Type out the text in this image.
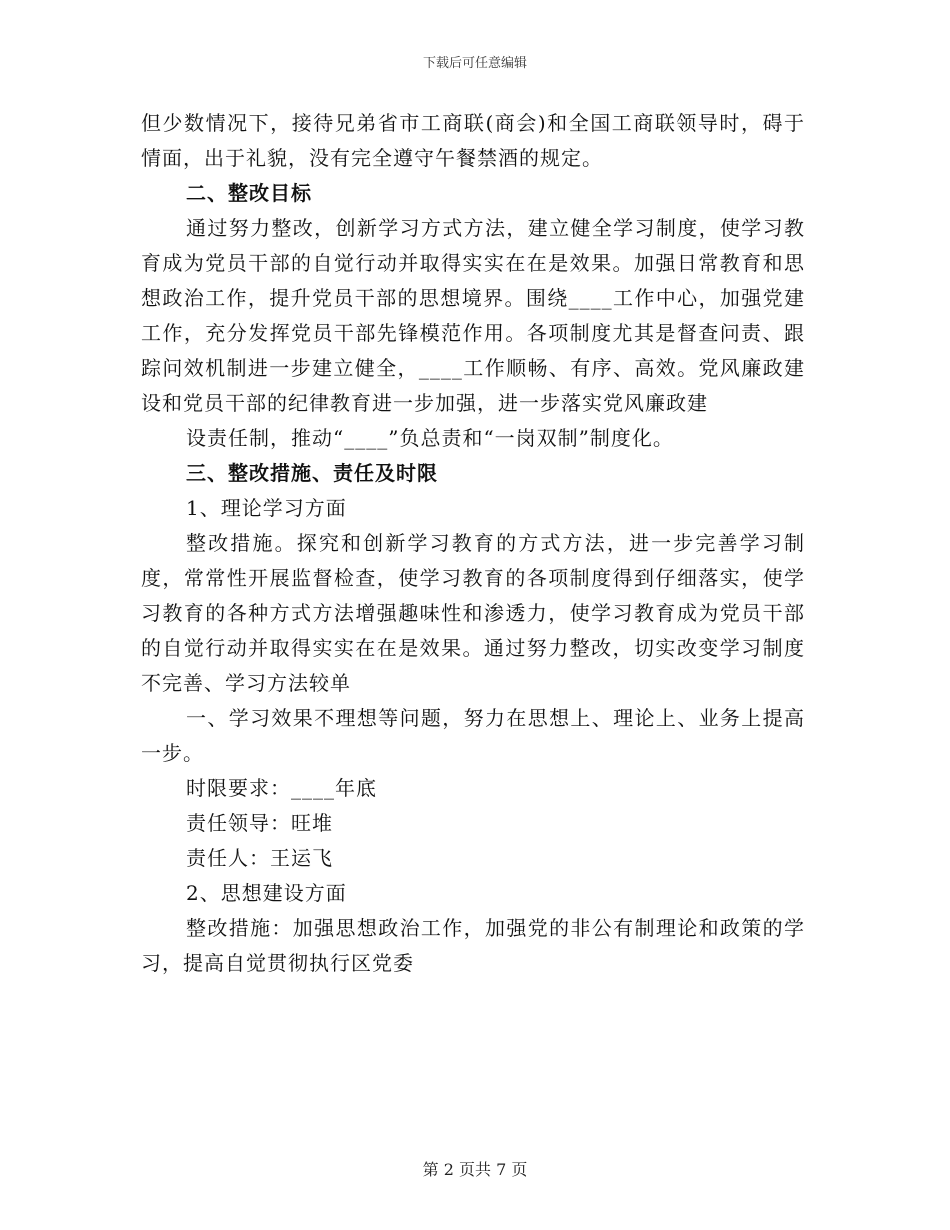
下载后可任意编辑

但少数情况下，接待兄弟省市工商联(商会)和全国工商联领导时，碍于情面，出于礼貌，没有完全遵守午餐禁酒的规定。

二、整改目标

通过努力整改，创新学习方式方法，建立健全学习制度，使学习教育成为党员干部的自觉行动并取得实实在在是效果。加强日常教育和思想政治工作，提升党员干部的思想境界。围绕____工作中心，加强党建工作，充分发挥党员干部先锋模范作用。各项制度尤其是督查问责、跟踪问效机制进一步建立健全，____工作顺畅、有序、高效。党风廉政建设和党员干部的纪律教育进一步加强，进一步落实党风廉政建

设责任制，推动“____”负总责和“一岗双制”制度化。

三、整改措施、责任及时限

1、理论学习方面

整改措施。探究和创新学习教育的方式方法，进一步完善学习制度，常常性开展监督检查，使学习教育的各项制度得到仔细落实，使学习教育的各种方式方法增强趣味性和渗透力，使学习教育成为党员干部的自觉行动并取得实实在在是效果。通过努力整改，切实改变学习制度不完善、学习方法较单

一、学习效果不理想等问题，努力在思想上、理论上、业务上提高一步。

时限要求：____年底

责任领导：旺堆

责任人：王运飞

2、思想建设方面

整改措施：加强思想政治工作，加强党的非公有制理论和政策的学习，提高自觉贯彻执行区党委

第 2 页共 7 页
